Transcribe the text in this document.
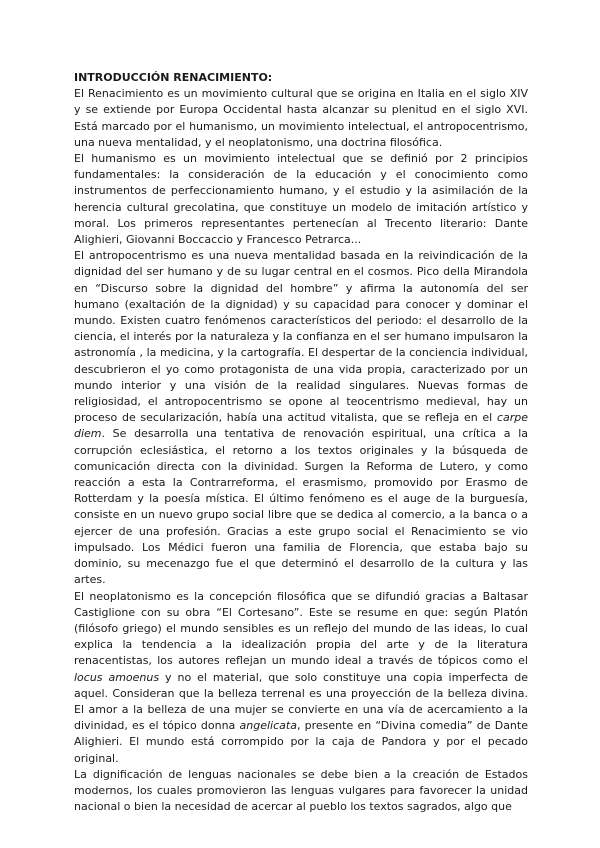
INTRODUCCIÓN RENACIMIENTO:

El Renacimiento es un movimiento cultural que se origina en Italia en el siglo XIV y se extiende por Europa Occidental hasta alcanzar su plenitud en el siglo XVI. Está marcado por el humanismo, un movimiento intelectual, el antropocentrismo, una nueva mentalidad, y el neoplatonismo, una doctrina filosófica.

El humanismo es un movimiento intelectual que se definió por 2 principios fundamentales: la consideración de la educación y el conocimiento como instrumentos de perfeccionamiento humano, y el estudio y la asimilación de la herencia cultural grecolatina, que constituye un modelo de imitación artístico y moral. Los primeros representantes pertenecían al Trecento literario: Dante Alighieri, Giovanni Boccaccio y Francesco Petrarca...

El antropocentrismo es una nueva mentalidad basada en la reivindicación de la dignidad del ser humano y de su lugar central en el cosmos. Pico della Mirandola en “Discurso sobre la dignidad del hombre” y afirma la autonomía del ser humano (exaltación de la dignidad) y su capacidad para conocer y dominar el mundo. Existen cuatro fenómenos característicos del periodo: el desarrollo de la ciencia, el interés por la naturaleza y la confianza en el ser humano impulsaron la astronomía , la medicina, y la cartografía. El despertar de la conciencia individual, descubrieron el yo como protagonista de una vida propia, caracterizado por un mundo interior y una visión de la realidad singulares. Nuevas formas de religiosidad, el antropocentrismo se opone al teocentrismo medieval, hay un proceso de secularización, había una actitud vitalista, que se refleja en el carpe diem. Se desarrolla una tentativa de renovación espiritual, una crítica a la corrupción eclesiástica, el retorno a los textos originales y la búsqueda de comunicación directa con la divinidad. Surgen la Reforma de Lutero, y como reacción a esta la Contrarreforma, el erasmismo, promovido por Erasmo de Rotterdam y la poesía mística. El último fenómeno es el auge de la burguesía, consiste en un nuevo grupo social libre que se dedica al comercio, a la banca o a ejercer de una profesión. Gracias a este grupo social el Renacimiento se vio impulsado. Los Médici fueron una familia de Florencia, que estaba bajo su dominio, su mecenazgo fue el que determinó el desarrollo de la cultura y las artes.

El neoplatonismo es la concepción filosófica que se difundió gracias a Baltasar Castiglione con su obra “El Cortesano”. Este se resume en que: según Platón (filósofo griego) el mundo sensibles es un reflejo del mundo de las ideas, lo cual explica la tendencia a la idealización propia del arte y de la literatura renacentistas, los autores reflejan un mundo ideal a través de tópicos como el locus amoenus y no el material, que solo constituye una copia imperfecta de aquel. Consideran que la belleza terrenal es una proyección de la belleza divina. El amor a la belleza de una mujer se convierte en una vía de acercamiento a la divinidad, es el tópico donna angelicata, presente en “Divina comedia” de Dante Alighieri. El mundo está corrompido por la caja de Pandora y por el pecado original.

La dignificación de lenguas nacionales se debe bien a la creación de Estados modernos, los cuales promovieron las lenguas vulgares para favorecer la unidad nacional o bien la necesidad de acercar al pueblo los textos sagrados, algo que
